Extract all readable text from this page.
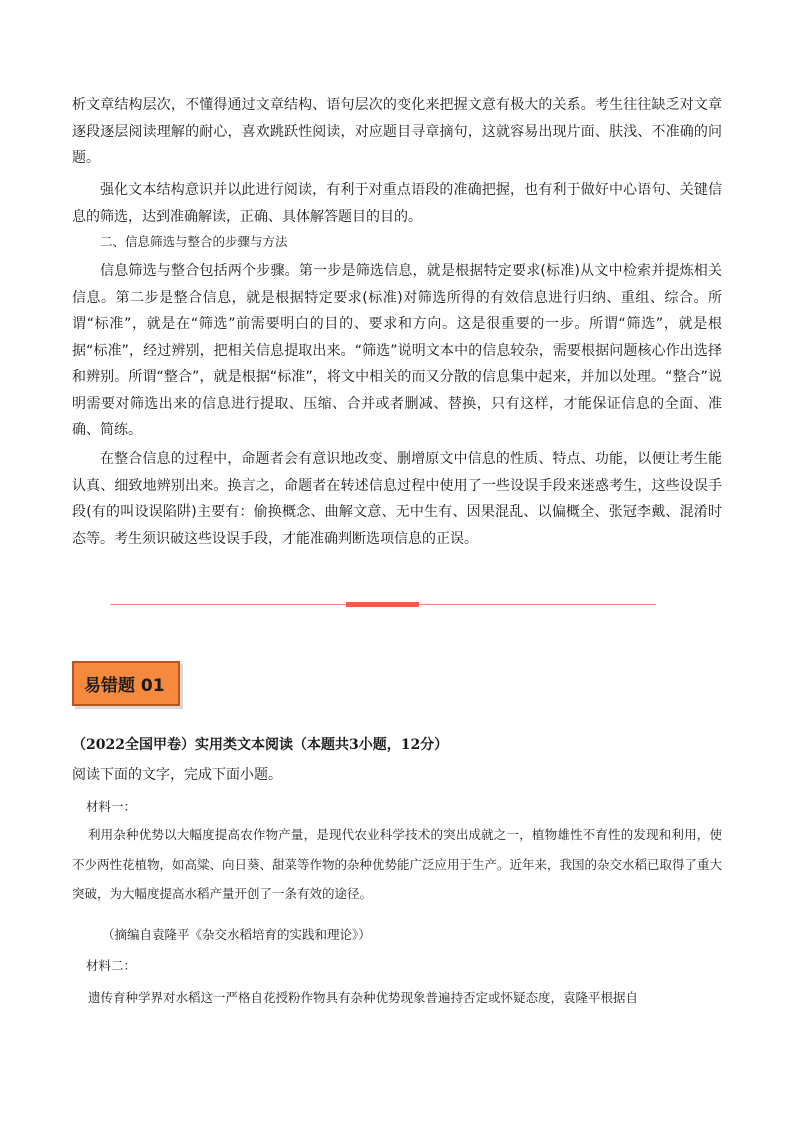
析文章结构层次，不懂得通过文章结构、语句层次的变化来把握文意有极大的关系。考生往往缺乏对文章逐段逐层阅读理解的耐心，喜欢跳跃性阅读，对应题目寻章摘句，这就容易出现片面、肤浅、不准确的问题。

强化文本结构意识并以此进行阅读，有利于对重点语段的准确把握，也有利于做好中心语句、关键信息的筛选，达到准确解读，正确、具体解答题目的目的。

二、信息筛选与整合的步骤与方法

信息筛选与整合包括两个步骤。第一步是筛选信息，就是根据特定要求(标准)从文中检索并提炼相关信息。第二步是整合信息，就是根据特定要求(标准)对筛选所得的有效信息进行归纳、重组、综合。所谓“标准”，就是在“筛选”前需要明白的目的、要求和方向。这是很重要的一步。所谓“筛选”，就是根据“标准”，经过辨别，把相关信息提取出来。“筛选”说明文本中的信息较杂，需要根据问题核心作出选择和辨别。所谓“整合”，就是根据“标准”，将文中相关的而又分散的信息集中起来，并加以处理。“整合”说明需要对筛选出来的信息进行提取、压缩、合并或者删减、替换，只有这样，才能保证信息的全面、准确、简练。

在整合信息的过程中，命题者会有意识地改变、删增原文中信息的性质、特点、功能，以便让考生能认真、细致地辨别出来。换言之，命题者在转述信息过程中使用了一些设误手段来迷惑考生，这些设误手段(有的叫设误陷阱)主要有：偷换概念、曲解文意、无中生有、因果混乱、以偏概全、张冠李戴、混淆时态等。考生须识破这些设误手段，才能准确判断选项信息的正误。

易错题 01
（2022全国甲卷）实用类文本阅读（本题共3小题，12分）
阅读下面的文字，完成下面小题。
材料一：

利用杂种优势以大幅度提高农作物产量，是现代农业科学技术的突出成就之一，植物雄性不育性的发现和利用，使不少两性花植物，如高粱、向日葵、甜菜等作物的杂种优势能广泛应用于生产。近年来，我国的杂交水稻已取得了重大突破，为大幅度提高水稻产量开创了一条有效的途径。

（摘编自袁隆平《杂交水稻培育的实践和理论》）
材料二：

遗传育种学界对水稻这一严格自花授粉作物具有杂种优势现象普遍持否定或怀疑态度，袁隆平根据自
